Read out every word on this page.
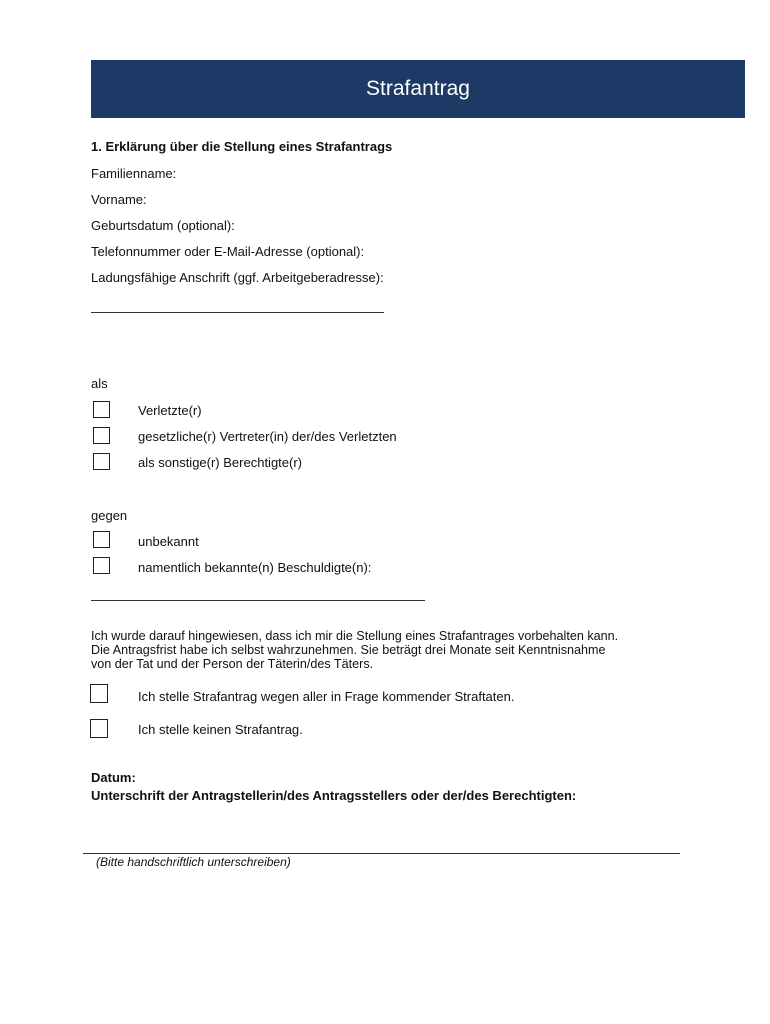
Strafantrag
1. Erklärung über die Stellung eines Strafantrags
Familienname:
Vorname:
Geburtsdatum (optional):
Telefonnummer oder E-Mail-Adresse (optional):
Ladungsfähige Anschrift (ggf. Arbeitgeberadresse):
als
Verletzte(r)
gesetzliche(r) Vertreter(in) der/des Verletzten
als sonstige(r) Berechtigte(r)
gegen
unbekannt
namentlich bekannte(n) Beschuldigte(n):
Ich wurde darauf hingewiesen, dass ich mir die Stellung eines Strafantrages vorbehalten kann.
Die Antragsfrist habe ich selbst wahrzunehmen. Sie beträgt drei Monate seit Kenntnisnahme
von der Tat und der Person der Täterin/des Täters.
Ich stelle Strafantrag wegen aller in Frage kommender Straftaten.
Ich stelle keinen Strafantrag.
Datum:
Unterschrift der Antragstellerin/des Antragsstellers oder der/des Berechtigten:
(Bitte handschriftlich unterschreiben)
